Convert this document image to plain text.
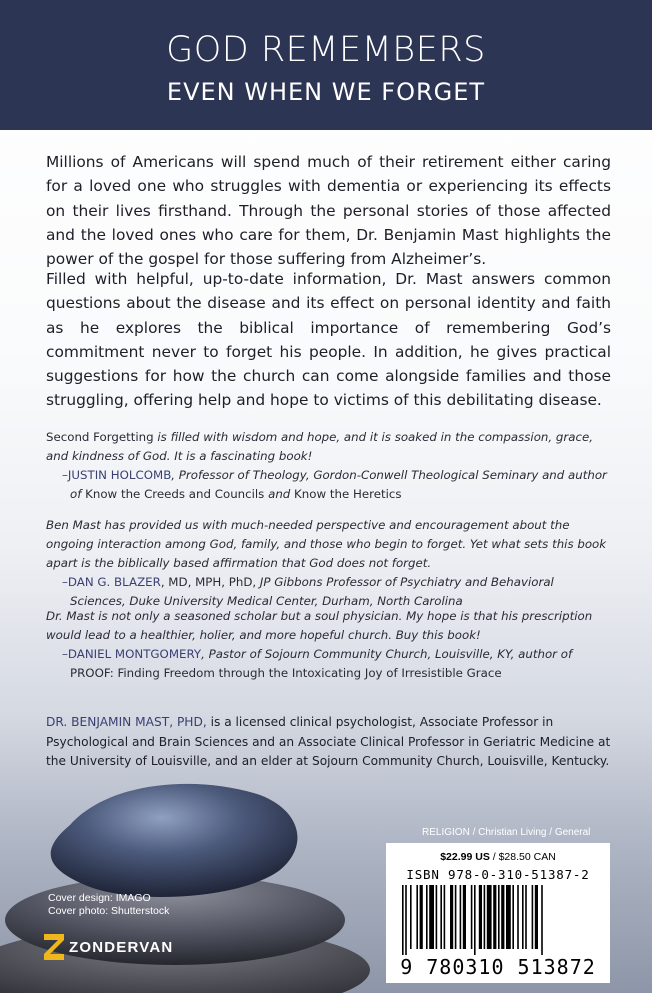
GOD REMEMBERS
EVEN WHEN WE FORGET

Millions of Americans will spend much of their retirement either caring for a loved one who struggles with dementia or experiencing its effects on their lives firsthand. Through the personal stories of those affected and the loved ones who care for them, Dr. Benjamin Mast highlights the power of the gospel for those suffering from Alzheimer’s.

Filled with helpful, up-to-date information, Dr. Mast answers common questions about the disease and its effect on personal identity and faith as he explores the biblical importance of remembering God’s commitment never to forget his people. In addition, he gives practical suggestions for how the church can come alongside families and those struggling, offering help and hope to victims of this debilitating disease.

Second Forgetting is filled with wisdom and hope, and it is soaked in the compassion, grace, and kindness of God. It is a fascinating book!
–JUSTIN HOLCOMB, Professor of Theology, Gordon-Conwell Theological Seminary and author of Know the Creeds and Councils and Know the Heretics
Ben Mast has provided us with much-needed perspective and encouragement about the ongoing interaction among God, family, and those who begin to forget. Yet what sets this book apart is the biblically based affirmation that God does not forget.
–DAN G. BLAZER, MD, MPH, PhD, JP Gibbons Professor of Psychiatry and Behavioral Sciences, Duke University Medical Center, Durham, North Carolina
Dr. Mast is not only a seasoned scholar but a soul physician. My hope is that his prescription would lead to a healthier, holier, and more hopeful church. Buy this book!
–DANIEL MONTGOMERY, Pastor of Sojourn Community Church, Louisville, KY, author of PROOF: Finding Freedom through the Intoxicating Joy of Irresistible Grace
DR. BENJAMIN MAST, PHD, is a licensed clinical psychologist, Associate Professor in Psychological and Brain Sciences and an Associate Clinical Professor in Geriatric Medicine at the University of Louisville, and an elder at Sojourn Community Church, Louisville, Kentucky.
RELIGION / Christian Living / General
$22.99 US / $28.50 CAN
ISBN 978-0-310-51387-2
9 780310 513872
Cover design: IMAGO
Cover photo: Shutterstock
ZONDERVAN
